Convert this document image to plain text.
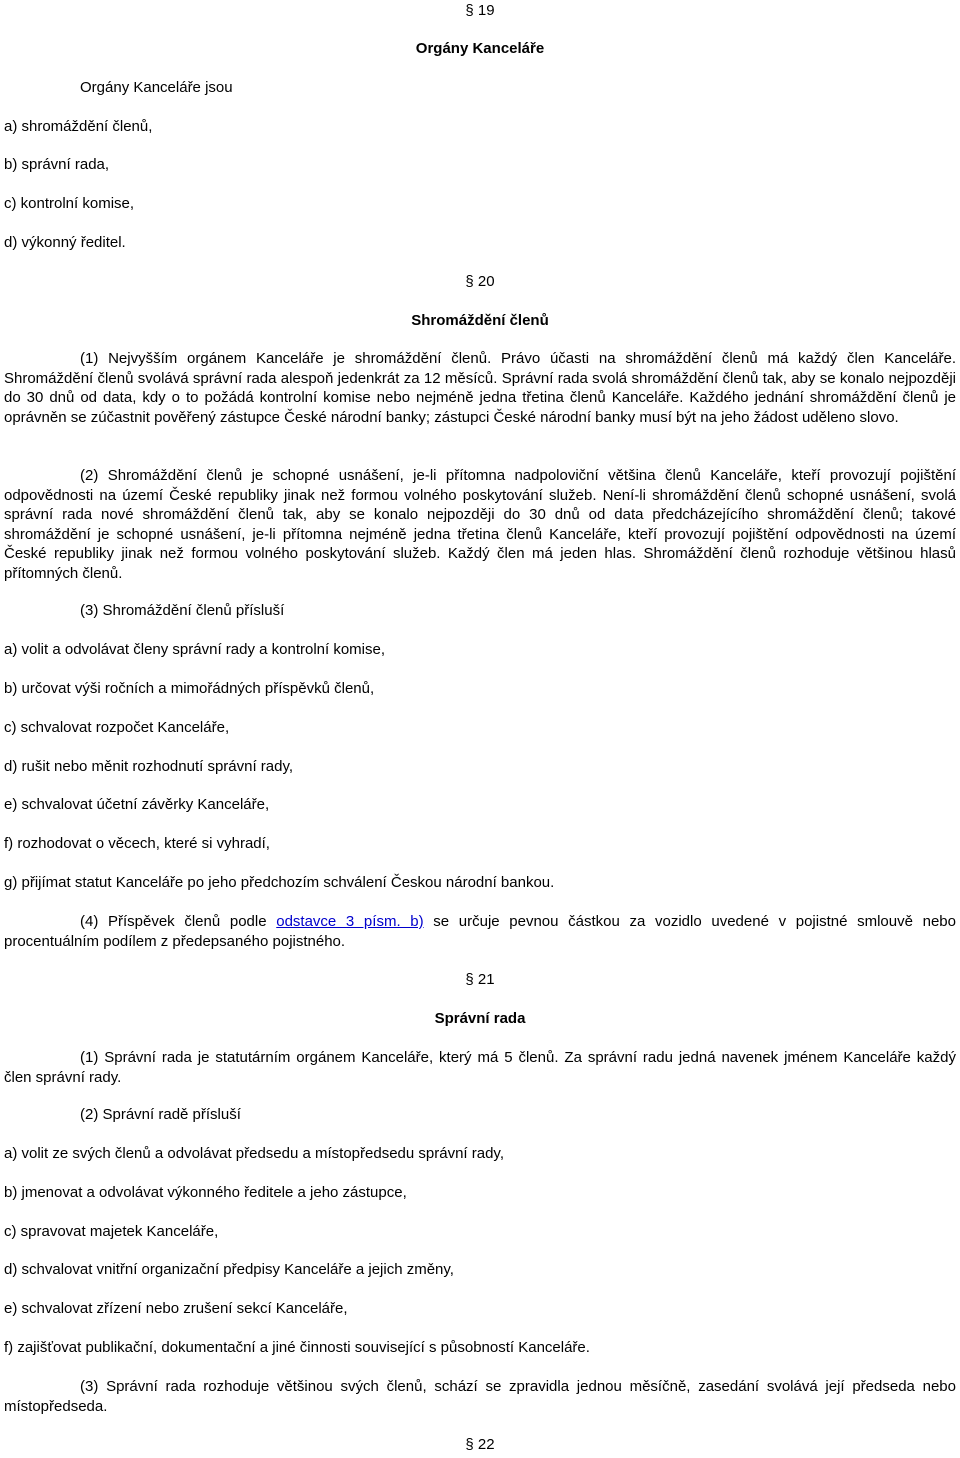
§ 19

Orgány Kanceláře

Orgány Kanceláře jsou

a) shromáždění členů,

b) správní rada,

c) kontrolní komise,

d) výkonný ředitel.

§ 20

Shromáždění členů

(1) Nejvyšším orgánem Kanceláře je shromáždění členů. Právo účasti na shromáždění členů má každý člen Kanceláře. Shromáždění členů svolává správní rada alespoň jedenkrát za 12 měsíců. Správní rada svolá shromáždění členů tak, aby se konalo nejpozději do 30 dnů od data, kdy o to požádá kontrolní komise nebo nejméně jedna třetina členů Kanceláře. Každého jednání shromáždění členů je oprávněn se zúčastnit pověřený zástupce České národní banky; zástupci České národní banky musí být na jeho žádost uděleno slovo.

(2) Shromáždění členů je schopné usnášení, je-li přítomna nadpoloviční většina členů Kanceláře, kteří provozují pojištění odpovědnosti na území České republiky jinak než formou volného poskytování služeb. Není-li shromáždění členů schopné usnášení, svolá správní rada nové shromáždění členů tak, aby se konalo nejpozději do 30 dnů od data předcházejícího shromáždění členů; takové shromáždění je schopné usnášení, je-li přítomna nejméně jedna třetina členů Kanceláře, kteří provozují pojištění odpovědnosti na území České republiky jinak než formou volného poskytování služeb. Každý člen má jeden hlas. Shromáždění členů rozhoduje většinou hlasů přítomných členů.

(3) Shromáždění členů přísluší

a) volit a odvolávat členy správní rady a kontrolní komise,

b) určovat výši ročních a mimořádných příspěvků členů,

c) schvalovat rozpočet Kanceláře,

d) rušit nebo měnit rozhodnutí správní rady,

e) schvalovat účetní závěrky Kanceláře,

f) rozhodovat o věcech, které si vyhradí,

g) přijímat statut Kanceláře po jeho předchozím schválení Českou národní bankou.

(4) Příspěvek členů podle odstavce 3 písm. b) se určuje pevnou částkou za vozidlo uvedené v pojistné smlouvě nebo procentuálním podílem z předepsaného pojistného.

§ 21

Správní rada

(1) Správní rada je statutárním orgánem Kanceláře, který má 5 členů. Za správní radu jedná navenek jménem Kanceláře každý člen správní rady.

(2) Správní radě přísluší

a) volit ze svých členů a odvolávat předsedu a místopředsedu správní rady,

b) jmenovat a odvolávat výkonného ředitele a jeho zástupce,

c) spravovat majetek Kanceláře,

d) schvalovat vnitřní organizační předpisy Kanceláře a jejich změny,

e) schvalovat zřízení nebo zrušení sekcí Kanceláře,

f) zajišťovat publikační, dokumentační a jiné činnosti související s působností Kanceláře.

(3) Správní rada rozhoduje většinou svých členů, schází se zpravidla jednou měsíčně, zasedání svolává její předseda nebo místopředseda.

§ 22
